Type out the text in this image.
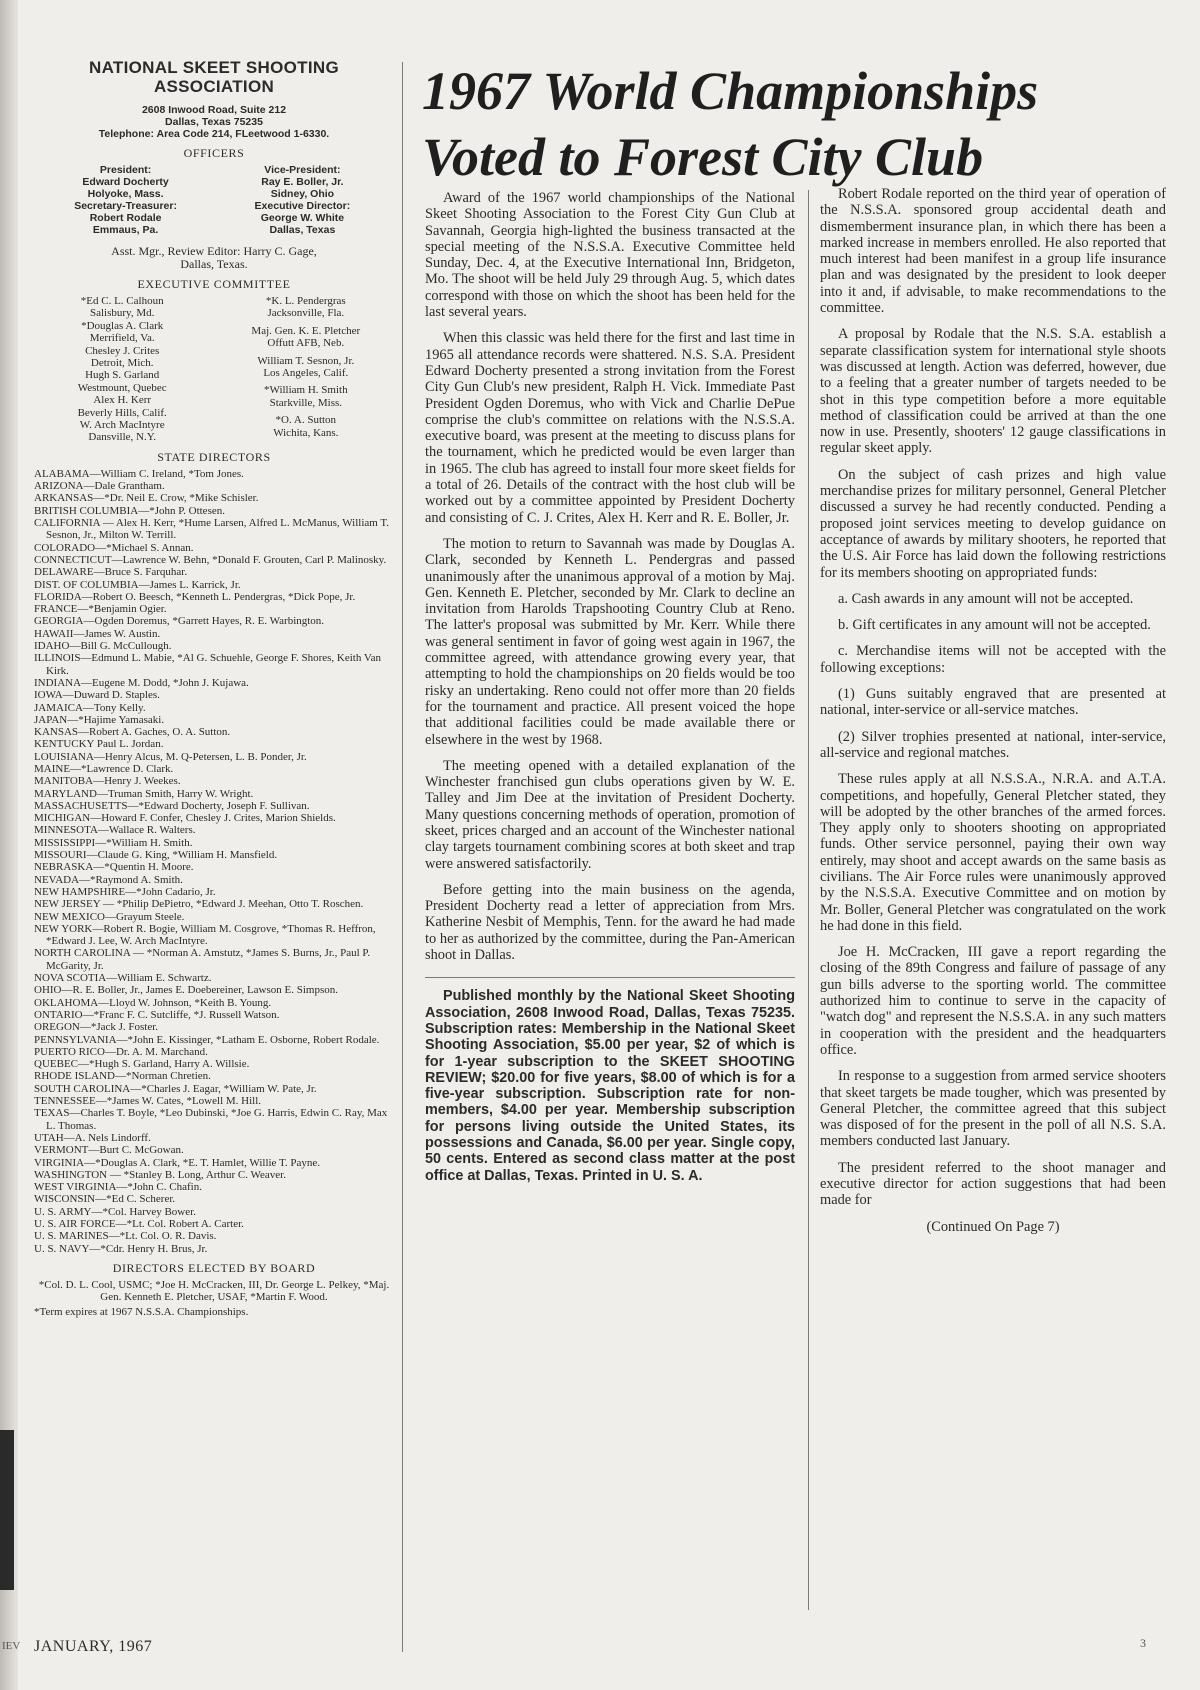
IEV

NATIONAL SKEET SHOOTING
ASSOCIATION

2608 Inwood Road, Suite 212
Dallas, Texas 75235
Telephone: Area Code 214, FLeetwood 1-6330.
OFFICERS
President:
Edward Docherty
Holyoke, Mass.
Secretary-Treasurer:
Robert Rodale
Emmaus, Pa.
Vice-President:
Ray E. Boller, Jr.
Sidney, Ohio
Executive Director:
George W. White
Dallas, Texas
Asst. Mgr., Review Editor: Harry C. Gage,
Dallas, Texas.
EXECUTIVE COMMITTEE
*Ed C. L. Calhoun
Salisbury, Md.
*Douglas A. Clark
Merrifield, Va.
Chesley J. Crites
Detroit, Mich.
Hugh S. Garland
Westmount, Quebec
Alex H. Kerr
Beverly Hills, Calif.
W. Arch MacIntyre
Dansville, N.Y.
*K. L. Pendergras
Jacksonville, Fla.
Maj. Gen. K. E. Pletcher
Offutt AFB, Neb.
William T. Sesnon, Jr.
Los Angeles, Calif.
*William H. Smith
Starkville, Miss.
*O. A. Sutton
Wichita, Kans.
STATE DIRECTORS
ALABAMA—William C. Ireland, *Tom Jones.
ARIZONA—Dale Grantham.
ARKANSAS—*Dr. Neil E. Crow, *Mike Schisler.
BRITISH COLUMBIA—*John P. Ottesen.
CALIFORNIA — Alex H. Kerr, *Hume Larsen, Alfred L. McManus, William T. Sesnon, Jr., Milton W. Terrill.
COLORADO—*Michael S. Annan.
CONNECTICUT—Lawrence W. Behn, *Donald F. Grouten, Carl P. Malinosky.
DELAWARE—Bruce S. Farquhar.
DIST. OF COLUMBIA—James L. Karrick, Jr.
FLORIDA—Robert O. Beesch, *Kenneth L. Pendergras, *Dick Pope, Jr.
FRANCE—*Benjamin Ogier.
GEORGIA—Ogden Doremus, *Garrett Hayes, R. E. Warbington.
HAWAII—James W. Austin.
IDAHO—Bill G. McCullough.
ILLINOIS—Edmund L. Mabie, *Al G. Schuehle, George F. Shores, Keith Van Kirk.
INDIANA—Eugene M. Dodd, *John J. Kujawa.
IOWA—Duward D. Staples.
JAMAICA—Tony Kelly.
JAPAN—*Hajime Yamasaki.
KANSAS—Robert A. Gaches, O. A. Sutton.
KENTUCKY Paul L. Jordan.
LOUISIANA—Henry Alcus, M. Q-Petersen, L. B. Ponder, Jr.
MAINE—*Lawrence D. Clark.
MANITOBA—Henry J. Weekes.
MARYLAND—Truman Smith, Harry W. Wright.
MASSACHUSETTS—*Edward Docherty, Joseph F. Sullivan.
MICHIGAN—Howard F. Confer, Chesley J. Crites, Marion Shields.
MINNESOTA—Wallace R. Walters.
MISSISSIPPI—*William H. Smith.
MISSOURI—Claude G. King, *William H. Mansfield.
NEBRASKA—*Quentin H. Moore.
NEVADA—*Raymond A. Smith.
NEW HAMPSHIRE—*John Cadario, Jr.
NEW JERSEY — *Philip DePietro, *Edward J. Meehan, Otto T. Roschen.
NEW MEXICO—Grayum Steele.
NEW YORK—Robert R. Bogie, William M. Cosgrove, *Thomas R. Heffron, *Edward J. Lee, W. Arch MacIntyre.
NORTH CAROLINA — *Norman A. Amstutz, *James S. Burns, Jr., Paul P. McGarity, Jr.
NOVA SCOTIA—William E. Schwartz.
OHIO—R. E. Boller, Jr., James E. Doebereiner, Lawson E. Simpson.
OKLAHOMA—Lloyd W. Johnson, *Keith B. Young.
ONTARIO—*Franc F. C. Sutcliffe, *J. Russell Watson.
OREGON—*Jack J. Foster.
PENNSYLVANIA—*John E. Kissinger, *Latham E. Osborne, Robert Rodale.
PUERTO RICO—Dr. A. M. Marchand.
QUEBEC—*Hugh S. Garland, Harry A. Willsie.
RHODE ISLAND—*Norman Chretien.
SOUTH CAROLINA—*Charles J. Eagar, *William W. Pate, Jr.
TENNESSEE—*James W. Cates, *Lowell M. Hill.
TEXAS—Charles T. Boyle, *Leo Dubinski, *Joe G. Harris, Edwin C. Ray, Max L. Thomas.
UTAH—A. Nels Lindorff.
VERMONT—Burt C. McGowan.
VIRGINIA—*Douglas A. Clark, *E. T. Hamlet, Willie T. Payne.
WASHINGTON — *Stanley B. Long, Arthur C. Weaver.
WEST VIRGINIA—*John C. Chafin.
WISCONSIN—*Ed C. Scherer.
U. S. ARMY—*Col. Harvey Bower.
U. S. AIR FORCE—*Lt. Col. Robert A. Carter.
U. S. MARINES—*Lt. Col. O. R. Davis.
U. S. NAVY—*Cdr. Henry H. Brus, Jr.
DIRECTORS ELECTED BY BOARD
*Col. D. L. Cool, USMC; *Joe H. McCracken, III, Dr. George L. Pelkey, *Maj. Gen. Kenneth E. Pletcher, USAF, *Martin F. Wood.
*Term expires at 1967 N.S.S.A. Championships.
JANUARY, 1967
1967 World Championships
Voted to Forest City Club

Award of the 1967 world championships of the National Skeet Shooting Association to the Forest City Gun Club at Savannah, Georgia high-lighted the business transacted at the special meeting of the N.S.S.A. Executive Committee held Sunday, Dec. 4, at the Executive International Inn, Bridgeton, Mo. The shoot will be held July 29 through Aug. 5, which dates correspond with those on which the shoot has been held for the last several years.

When this classic was held there for the first and last time in 1965 all attendance records were shattered. N.S. S.A. President Edward Docherty presented a strong invitation from the Forest City Gun Club's new president, Ralph H. Vick. Immediate Past President Ogden Doremus, who with Vick and Charlie DePue comprise the club's committee on relations with the N.S.S.A. executive board, was present at the meeting to discuss plans for the tournament, which he predicted would be even larger than in 1965. The club has agreed to install four more skeet fields for a total of 26. Details of the contract with the host club will be worked out by a committee appointed by President Docherty and consisting of C. J. Crites, Alex H. Kerr and R. E. Boller, Jr.

The motion to return to Savannah was made by Douglas A. Clark, seconded by Kenneth L. Pendergras and passed unanimously after the unanimous approval of a motion by Maj. Gen. Kenneth E. Pletcher, seconded by Mr. Clark to decline an invitation from Harolds Trapshooting Country Club at Reno. The latter's proposal was submitted by Mr. Kerr. While there was general sentiment in favor of going west again in 1967, the committee agreed, with attendance growing every year, that attempting to hold the championships on 20 fields would be too risky an undertaking. Reno could not offer more than 20 fields for the tournament and practice. All present voiced the hope that additional facilities could be made available there or elsewhere in the west by 1968.

The meeting opened with a detailed explanation of the Winchester franchised gun clubs operations given by W. E. Talley and Jim Dee at the invitation of President Docherty. Many questions concerning methods of operation, promotion of skeet, prices charged and an account of the Winchester national clay targets tournament combining scores at both skeet and trap were answered satisfactorily.

Before getting into the main business on the agenda, President Docherty read a letter of appreciation from Mrs. Katherine Nesbit of Memphis, Tenn. for the award he had made to her as authorized by the committee, during the Pan-American shoot in Dallas.

Published monthly by the National Skeet Shooting Association, 2608 Inwood Road, Dallas, Texas 75235. Subscription rates: Membership in the National Skeet Shooting Association, $5.00 per year, $2 of which is for 1-year subscription to the SKEET SHOOTING REVIEW; $20.00 for five years, $8.00 of which is for a five-year subscription. Subscription rate for non-members, $4.00 per year. Membership subscription for persons living outside the United States, its possessions and Canada, $6.00 per year. Single copy, 50 cents. Entered as second class matter at the post office at Dallas, Texas. Printed in U. S. A.

Robert Rodale reported on the third year of operation of the N.S.S.A. sponsored group accidental death and dismemberment insurance plan, in which there has been a marked increase in members enrolled. He also reported that much interest had been manifest in a group life insurance plan and was designated by the president to look deeper into it and, if advisable, to make recommendations to the committee.

A proposal by Rodale that the N.S. S.A. establish a separate classification system for international style shoots was discussed at length. Action was deferred, however, due to a feeling that a greater number of targets needed to be shot in this type competition before a more equitable method of classification could be arrived at than the one now in use. Presently, shooters' 12 gauge classifications in regular skeet apply.

On the subject of cash prizes and high value merchandise prizes for military personnel, General Pletcher discussed a survey he had recently conducted. Pending a proposed joint services meeting to develop guidance on acceptance of awards by military shooters, he reported that the U.S. Air Force has laid down the following restrictions for its members shooting on appropriated funds:

a. Cash awards in any amount will not be accepted.

b. Gift certificates in any amount will not be accepted.

c. Merchandise items will not be accepted with the following exceptions:

(1) Guns suitably engraved that are presented at national, inter-service or all-service matches.

(2) Silver trophies presented at national, inter-service, all-service and regional matches.

These rules apply at all N.S.S.A., N.R.A. and A.T.A. competitions, and hopefully, General Pletcher stated, they will be adopted by the other branches of the armed forces. They apply only to shooters shooting on appropriated funds. Other service personnel, paying their own way entirely, may shoot and accept awards on the same basis as civilians. The Air Force rules were unanimously approved by the N.S.S.A. Executive Committee and on motion by Mr. Boller, General Pletcher was congratulated on the work he had done in this field.

Joe H. McCracken, III gave a report regarding the closing of the 89th Congress and failure of passage of any gun bills adverse to the sporting world. The committee authorized him to continue to serve in the capacity of "watch dog" and represent the N.S.S.A. in any such matters in cooperation with the president and the headquarters office.

In response to a suggestion from armed service shooters that skeet targets be made tougher, which was presented by General Pletcher, the committee agreed that this subject was disposed of for the present in the poll of all N.S. S.A. members conducted last January.

The president referred to the shoot manager and executive director for action suggestions that had been made for

(Continued On Page 7)

3
